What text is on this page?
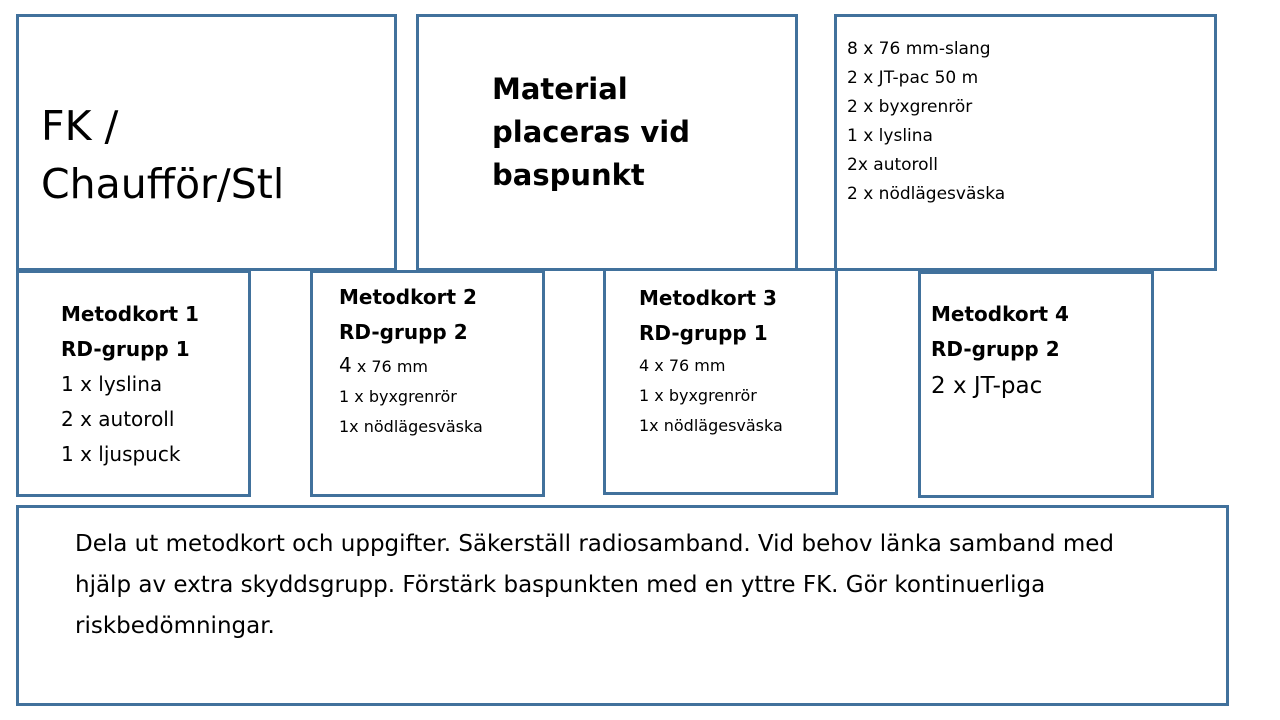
FK /
Chaufför/Stl
Material
placeras vid
baspunkt
8 x 76 mm-slang
2 x JT-pac 50 m
2 x byxgrenrör
1 x lyslina
2x autoroll
2 x nödlägesväska
Metodkort 1
RD-grupp 1
1 x lyslina
2 x autoroll
1 x ljuspuck
Metodkort 2
RD-grupp 2
4 x 76 mm
1 x byxgrenrör
1x nödlägesväska
Metodkort 3
RD-grupp 1
4 x 76 mm
1 x byxgrenrör
1x nödlägesväska
Metodkort 4
RD-grupp 2
2 x JT-pac
Dela ut metodkort och uppgifter. Säkerställ radiosamband. Vid behov länka samband med hjälp av extra skyddsgrupp. Förstärk baspunkten med en yttre FK. Gör kontinuerliga riskbedömningar.
